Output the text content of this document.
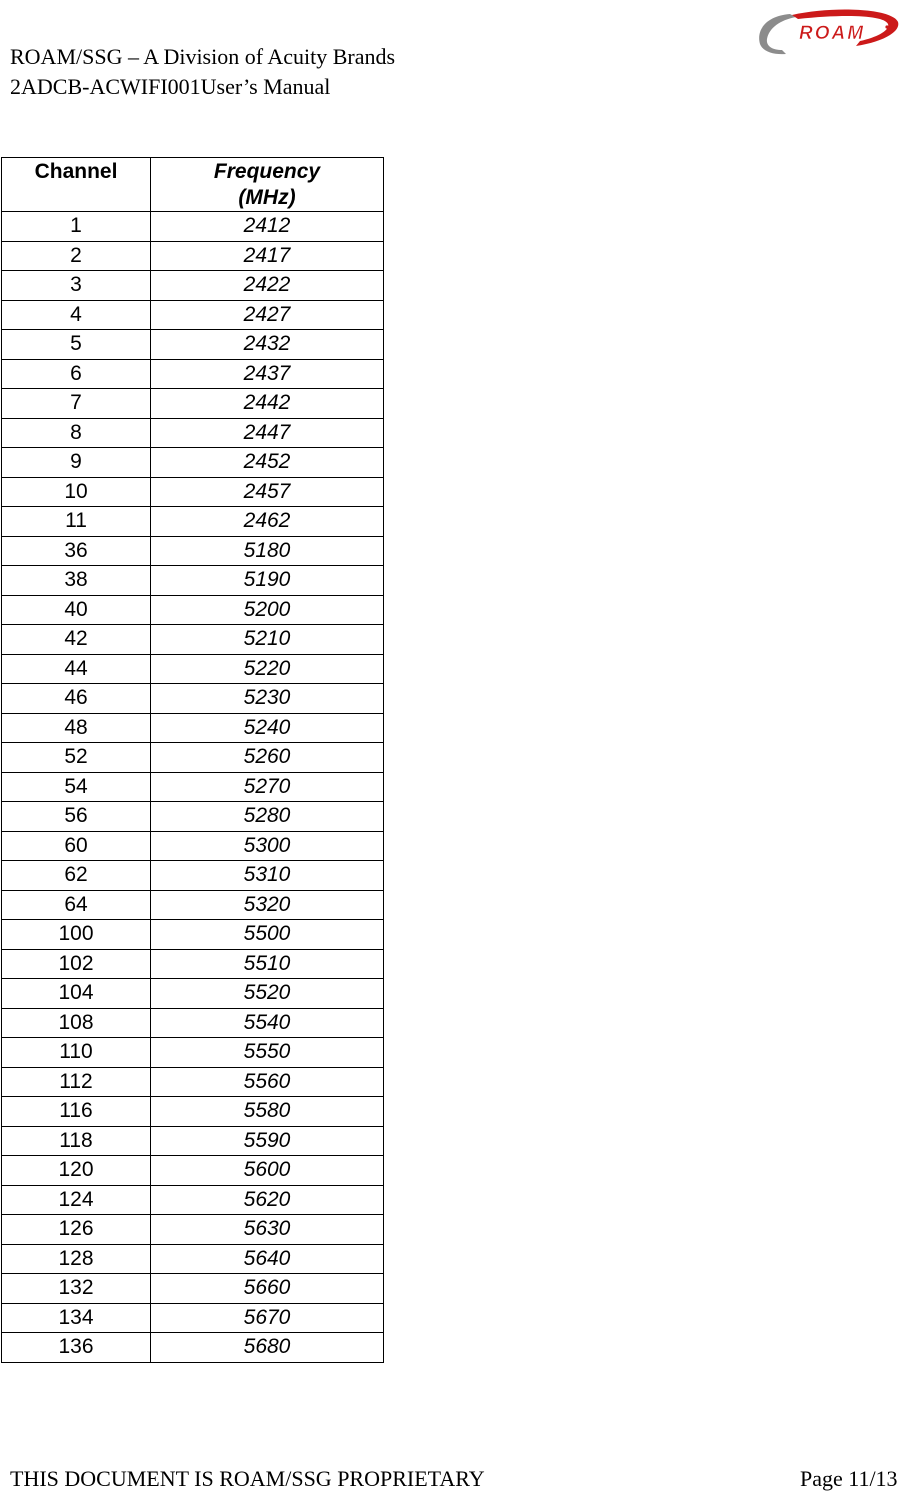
ROAM/SSG – A Division of Acuity Brands
2ADCB-ACWIFI001User’s Manual
ROAM
Channel	Frequency
(MHz)
1	2412
2	2417
3	2422
4	2427
5	2432
6	2437
7	2442
8	2447
9	2452
10	2457
11	2462
36	5180
38	5190
40	5200
42	5210
44	5220
46	5230
48	5240
52	5260
54	5270
56	5280
60	5300
62	5310
64	5320
100	5500
102	5510
104	5520
108	5540
110	5550
112	5560
116	5580
118	5590
120	5600
124	5620
126	5630
128	5640
132	5660
134	5670
136	5680
THIS DOCUMENT IS ROAM/SSG PROPRIETARY	Page 11/13
